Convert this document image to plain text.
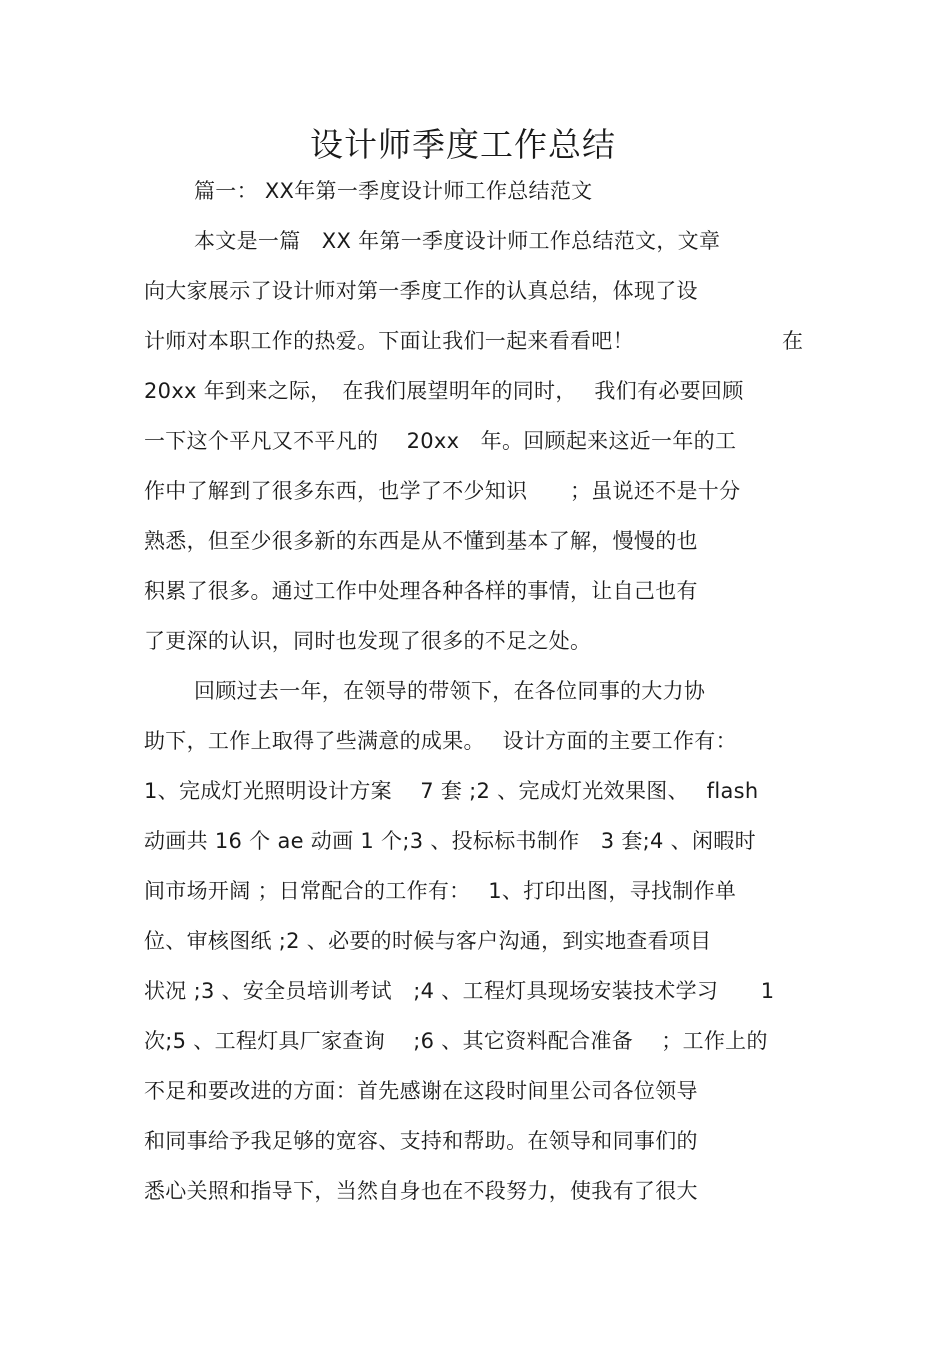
设计师季度工作总结
篇一： XX年第一季度设计师工作总结范文
本文是一篇　XX 年第一季度设计师工作总结范文，文章
向大家展示了设计师对第一季度工作的认真总结，体现了设
计师对本职工作的热爱。下面让我们一起来看看吧！	在
20xx 年到来之际，　在我们展望明年的同时，　 我们有必要回顾
一下这个平凡又不平凡的　 20xx　年。回顾起来这近一年的工
作中了解到了很多东西，也学了不少知识　　；虽说还不是十分
熟悉，但至少很多新的东西是从不懂到基本了解，慢慢的也
积累了很多。通过工作中处理各种各样的事情，让自己也有
了更深的认识，同时也发现了很多的不足之处。
回顾过去一年，在领导的带领下，在各位同事的大力协
助下，工作上取得了些满意的成果。　 设计方面的主要工作有：
1、完成灯光照明设计方案　 7 套 ;2 、完成灯光效果图、　 flash
动画共 16 个 ae 动画 1 个;3 、投标标书制作　3 套;4 、闲暇时
间市场开阔 ；日常配合的工作有：　 1、打印出图，寻找制作单
位、审核图纸 ;2 、必要的时候与客户沟通，到实地查看项目
状况 ;3 、安全员培训考试　;4 、工程灯具现场安装技术学习　　1
次;5 、工程灯具厂家查询　 ;6 、其它资料配合准备　 ；工作上的
不足和要改进的方面：首先感谢在这段时间里公司各位领导
和同事给予我足够的宽容、支持和帮助。在领导和同事们的
悉心关照和指导下，当然自身也在不段努力，使我有了很大
